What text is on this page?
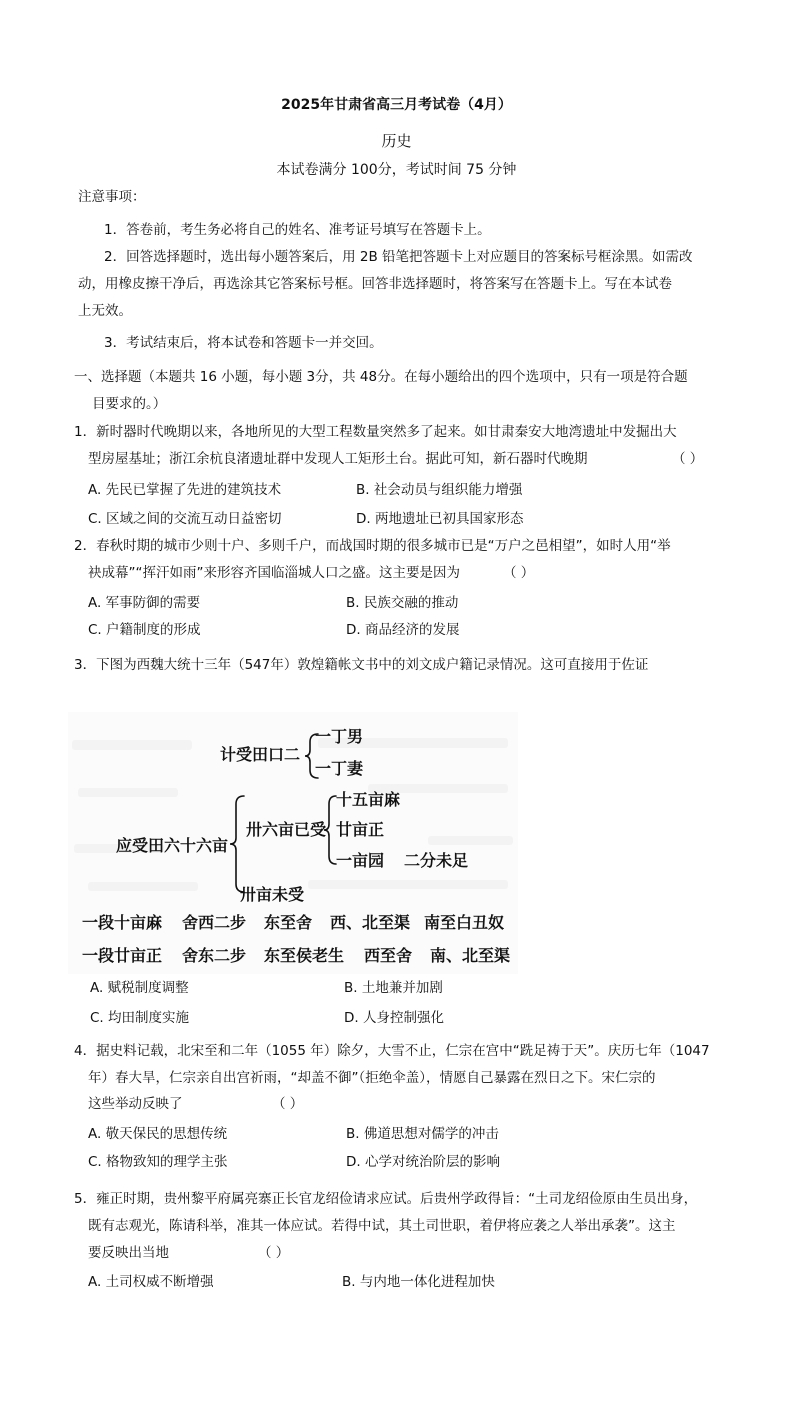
2025年甘肃省高三月考试卷（4月）
历史
本试卷满分 100分，考试时间 75 分钟
注意事项：
1．答卷前，考生务必将自己的姓名、准考证号填写在答题卡上。
2．回答选择题时，选出每小题答案后，用 2B 铅笔把答题卡上对应题目的答案标号框涂黑。如需改
动，用橡皮擦干净后，再选涂其它答案标号框。回答非选择题时，将答案写在答题卡上。写在本试卷
上无效。
3．考试结束后，将本试卷和答题卡一并交回。
一、选择题（本题共 16 小题，每小题 3分，共 48分。在每小题给出的四个选项中，只有一项是符合题
目要求的。）
1．新时器时代晚期以来，各地所见的大型工程数量突然多了起来。如甘肃秦安大地湾遗址中发掘出大
型房屋基址；浙江余杭良渚遗址群中发现人工矩形土台。据此可知，新石器时代晚期	（ ）
A. 先民已掌握了先进的建筑技术	B. 社会动员与组织能力增强
C. 区域之间的交流互动日益密切	D. 两地遗址已初具国家形态
2．春秋时期的城市少则十户、多则千户，而战国时期的很多城市已是“万户之邑相望”，如时人用“举
袂成幕”“挥汗如雨”来形容齐国临淄城人口之盛。这主要是因为	（ ）
A. 军事防御的需要	B. 民族交融的推动
C. 户籍制度的形成	D. 商品经济的发展
3．下图为西魏大统十三年（547年）敦煌籍帐文书中的刘文成户籍记录情况。这可直接用于佐证
计受田口二
一丁男
一丁妻
应受田六十六亩
卅六亩已受
十五亩麻
廿亩正
一亩园 二分未足
卅亩未受
一段十亩麻 舍西二步 东至舍 西、北至渠 南至白丑奴
一段廿亩正 舍东二步 东至侯老生 西至舍 南、北至渠
A. 赋税制度调整	B. 土地兼并加剧
C. 均田制度实施	D. 人身控制强化
4．据史料记载，北宋至和二年（1055 年）除夕，大雪不止，仁宗在宫中“跣足祷于天”。庆历七年（1047
年）春大旱，仁宗亲自出宫祈雨，“却盖不御”（拒绝伞盖），情愿自己暴露在烈日之下。宋仁宗的
这些举动反映了	（ ）
A. 敬天保民的思想传统	B. 佛道思想对儒学的冲击
C. 格物致知的理学主张	D. 心学对统治阶层的影响
5．雍正时期，贵州黎平府属亮寨正长官龙绍俭请求应试。后贵州学政得旨：“土司龙绍俭原由生员出身，
既有志观光，陈请科举，准其一体应试。若得中试，其土司世职，着伊将应袭之人举出承袭”。这主
要反映出当地	（ ）
A. 土司权威不断增强	B. 与内地一体化进程加快
